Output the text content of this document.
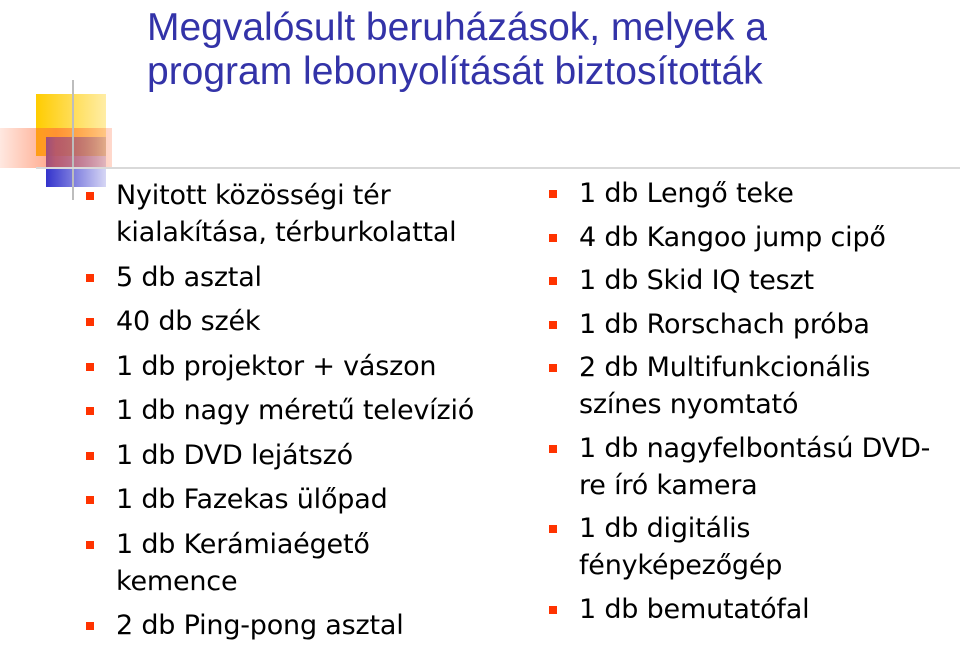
Megvalósult beruházások, melyek a
program lebonyolítását biztosították
Nyitott közösségi tér
kialakítása, térburkolattal
5 db asztal
40 db szék
1 db projektor + vászon
1 db nagy méretű televízió
1 db DVD lejátszó
1 db Fazekas ülőpad
1 db Kerámiaégető
kemence
2 db Ping-pong asztal
1 db Lengő teke
4 db Kangoo jump cipő
1 db Skid IQ teszt
1 db Rorschach próba
2 db Multifunkcionális
színes nyomtató
1 db nagyfelbontású DVD-
re író kamera
1 db digitális
fényképezőgép
1 db bemutatófal
